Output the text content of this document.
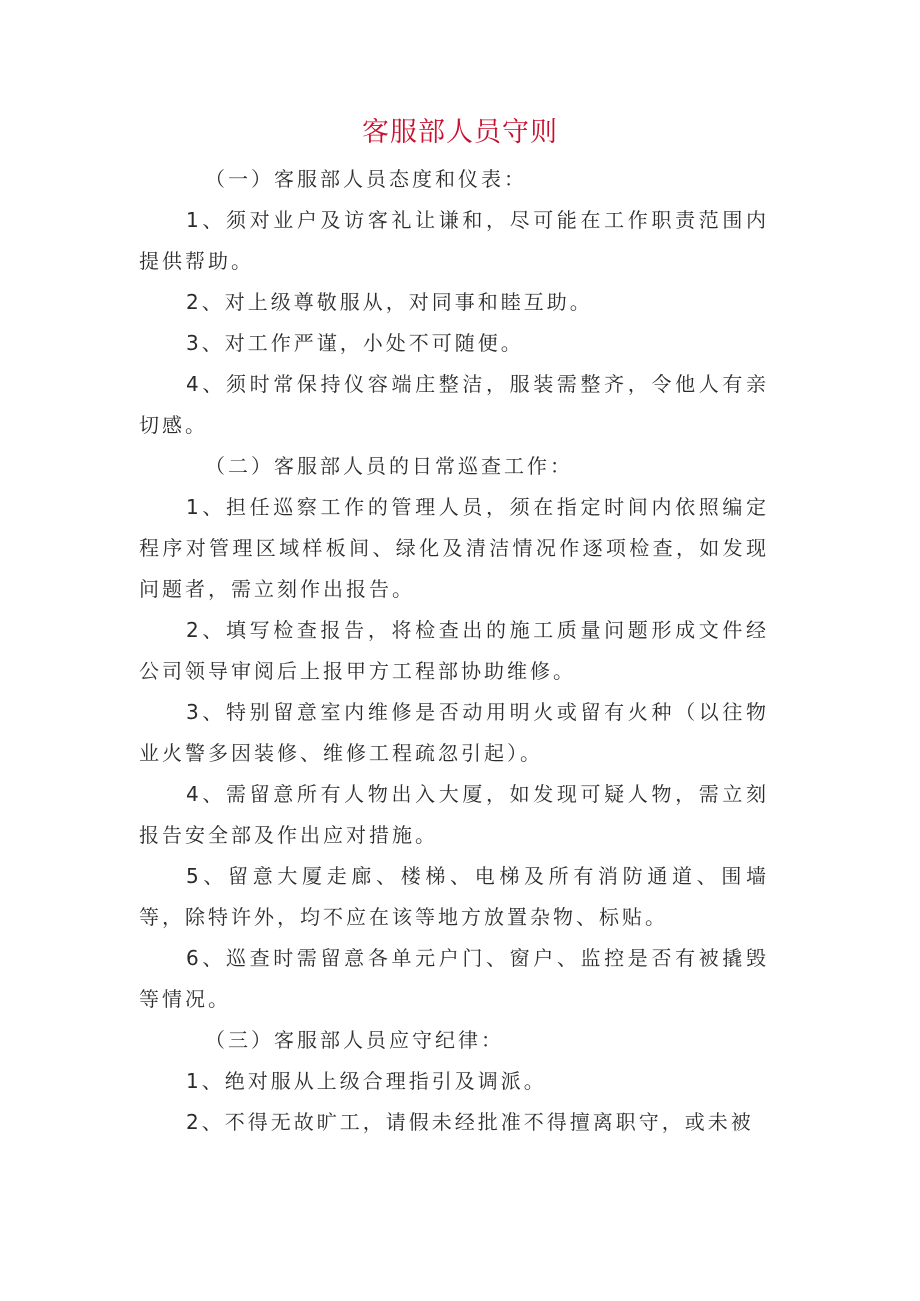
客服部人员守则

（一）客服部人员态度和仪表：

1、须对业户及访客礼让谦和，尽可能在工作职责范围内提供帮助。

2、对上级尊敬服从，对同事和睦互助。

3、对工作严谨，小处不可随便。

4、须时常保持仪容端庄整洁，服装需整齐，令他人有亲切感。

（二）客服部人员的日常巡查工作：

1、担任巡察工作的管理人员，须在指定时间内依照编定程序对管理区域样板间、绿化及清洁情况作逐项检查，如发现问题者，需立刻作出报告。

2、填写检查报告，将检查出的施工质量问题形成文件经公司领导审阅后上报甲方工程部协助维修。

3、特别留意室内维修是否动用明火或留有火种（以往物业火警多因装修、维修工程疏忽引起）。

4、需留意所有人物出入大厦，如发现可疑人物，需立刻报告安全部及作出应对措施。

5、留意大厦走廊、楼梯、电梯及所有消防通道、围墙等，除特许外，均不应在该等地方放置杂物、标贴。

6、巡查时需留意各单元户门、窗户、监控是否有被撬毁等情况。

（三）客服部人员应守纪律：

1、绝对服从上级合理指引及调派。

2、不得无故旷工，请假未经批准不得擅离职守，或未被
